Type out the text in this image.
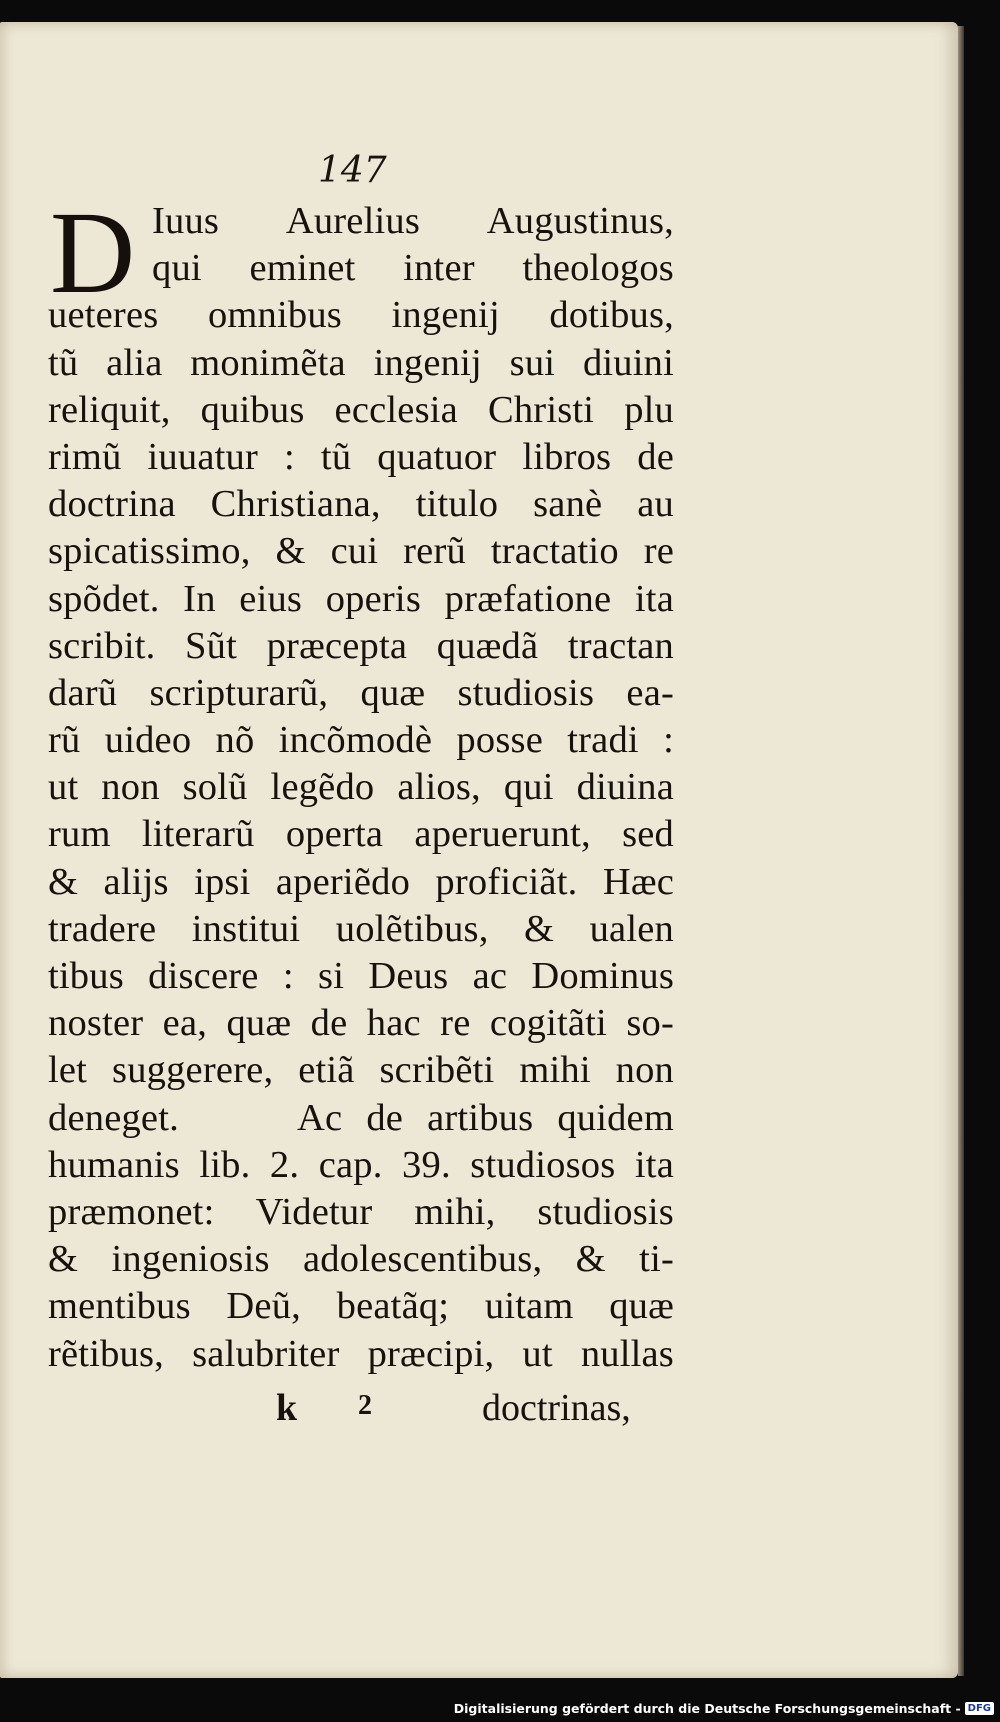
147
D Iuus Aurelius Augustinus,
qui eminet inter theologos
ueteres omnibus ingenij dotibus,
tũ alia monimẽta ingenij sui diuini
reliquit, quibus ecclesia Christi plu
rimũ iuuatur : tũ quatuor libros de
doctrina Christiana, titulo sanè au
spicatissimo, & cui rerũ tractatio re
spõdet. In eius operis præfatione ita
scribit. Sũt præcepta quædã tractan
darũ scripturarũ, quæ studiosis ea-
rũ uideo nõ incõmodè posse tradi :
ut non solũ legẽdo alios, qui diuina
rum literarũ operta aperuerunt, sed
& alijs ipsi aperiẽdo proficiãt. Hæc
tradere institui uolẽtibus, & ualen
tibus discere : si Deus ac Dominus
noster ea, quæ de hac re cogitãti so-
let suggerere, etiã scribẽti mihi non
deneget.     Ac de artibus quidem
humanis lib. 2. cap. 39. studiosos ita
præmonet: Videtur mihi, studiosis
& ingeniosis adolescentibus, & ti-
mentibus Deũ, beatãq; uitam quæ
rẽtibus, salubriter præcipi, ut nullas
k 2	doctrinas,
Digitalisierung gefördert durch die Deutsche Forschungsgemeinschaft - DFG
